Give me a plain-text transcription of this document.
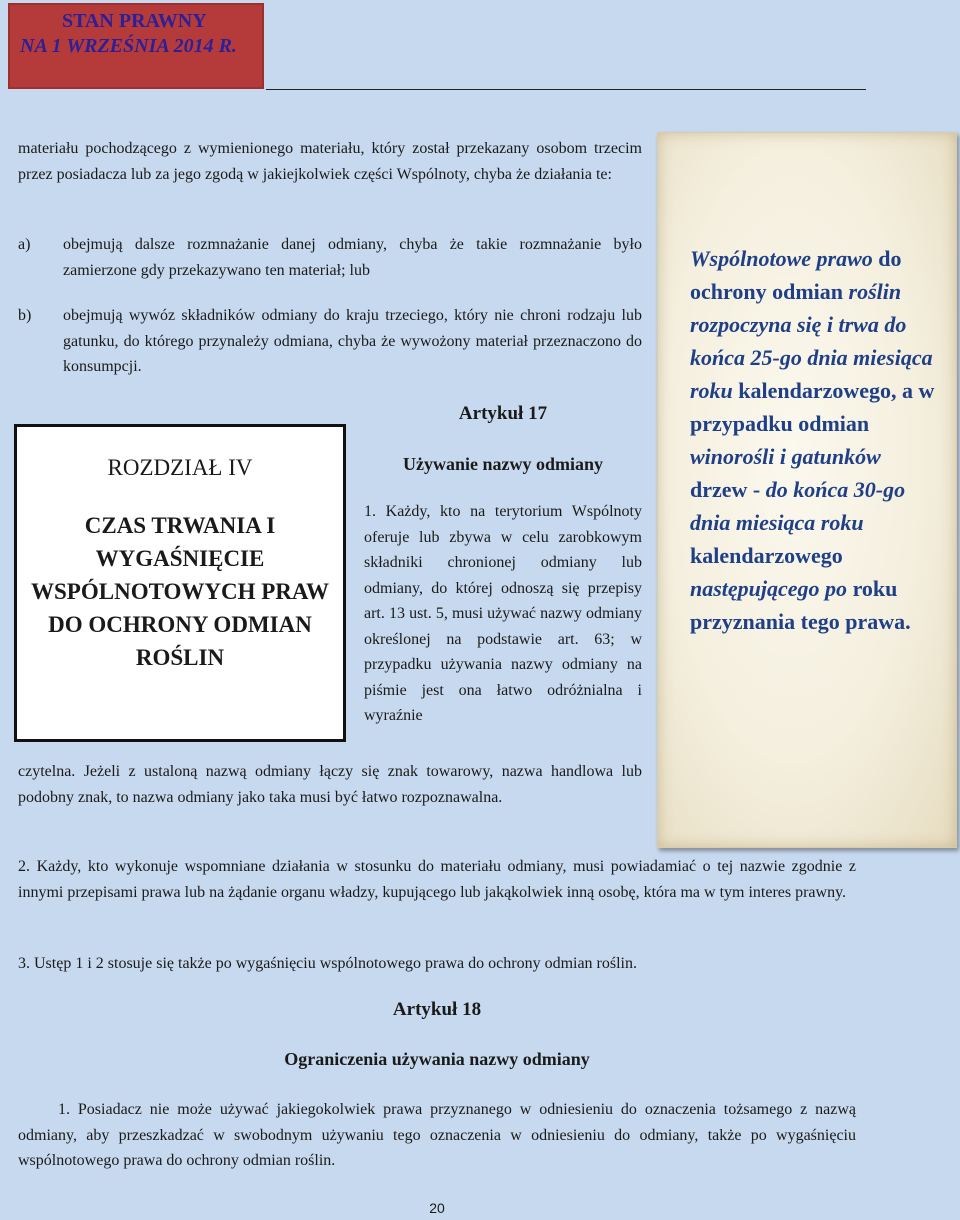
STAN PRAWNY
NA 1 WRZEŚNIA 2014 R.

materiału pochodzącego z wymienionego materiału, który został przekazany osobom trzecim przez posiadacza lub za jego zgodą w jakiejkolwiek części Wspólnoty, chyba że działania te:

a) obejmują dalsze rozmnażanie danej odmiany, chyba że takie rozmnażanie było zamierzone gdy przekazywano ten materiał; lub

b) obejmują wywóz składników odmiany do kraju trzeciego, który nie chroni rodzaju lub gatunku, do którego przynależy odmiana, chyba że wywożony materiał przeznaczono do konsumpcji.

ROZDZIAŁ IV
CZAS TRWANIA I WYGAŚNIĘCIE WSPÓLNOTOWYCH PRAW DO OCHRONY ODMIAN ROŚLIN
Artykuł 17
Używanie nazwy odmiany

1. Każdy, kto na terytorium Wspólnoty oferuje lub zbywa w celu zarobkowym składniki chronionej odmiany lub odmiany, do której odnoszą się przepisy art. 13 ust. 5, musi używać nazwy odmiany określonej na podstawie art. 63; w przypadku używania nazwy odmiany na piśmie jest ona łatwo odróżnialna i wyraźnie

czytelna. Jeżeli z ustaloną nazwą odmiany łączy się znak towarowy, nazwa handlowa lub podobny znak, to nazwa odmiany jako taka musi być łatwo rozpoznawalna.

2. Każdy, kto wykonuje wspomniane działania w stosunku do materiału odmiany, musi powiadamiać o tej nazwie zgodnie z innymi przepisami prawa lub na żądanie organu władzy, kupującego lub jakąkolwiek inną osobę, która ma w tym interes prawny.

3. Ustęp 1 i 2 stosuje się także po wygaśnięciu wspólnotowego prawa do ochrony odmian roślin.

Artykuł 18
Ograniczenia używania nazwy odmiany

1. Posiadacz nie może używać jakiegokolwiek prawa przyznanego w odniesieniu do oznaczenia tożsamego z nazwą odmiany, aby przeszkadzać w swobodnym używaniu tego oznaczenia w odniesieniu do odmiany, także po wygaśnięciu wspólnotowego prawa do ochrony odmian roślin.

Wspólnotowe prawo do ochrony odmian roślin rozpoczyna się i trwa do końca 25-go dnia miesiąca roku kalendarzowego, a w przypadku odmian winorośli i gatunków drzew - do końca 30-go dnia miesiąca roku kalendarzowego następującego po roku przyznania tego prawa.
20
